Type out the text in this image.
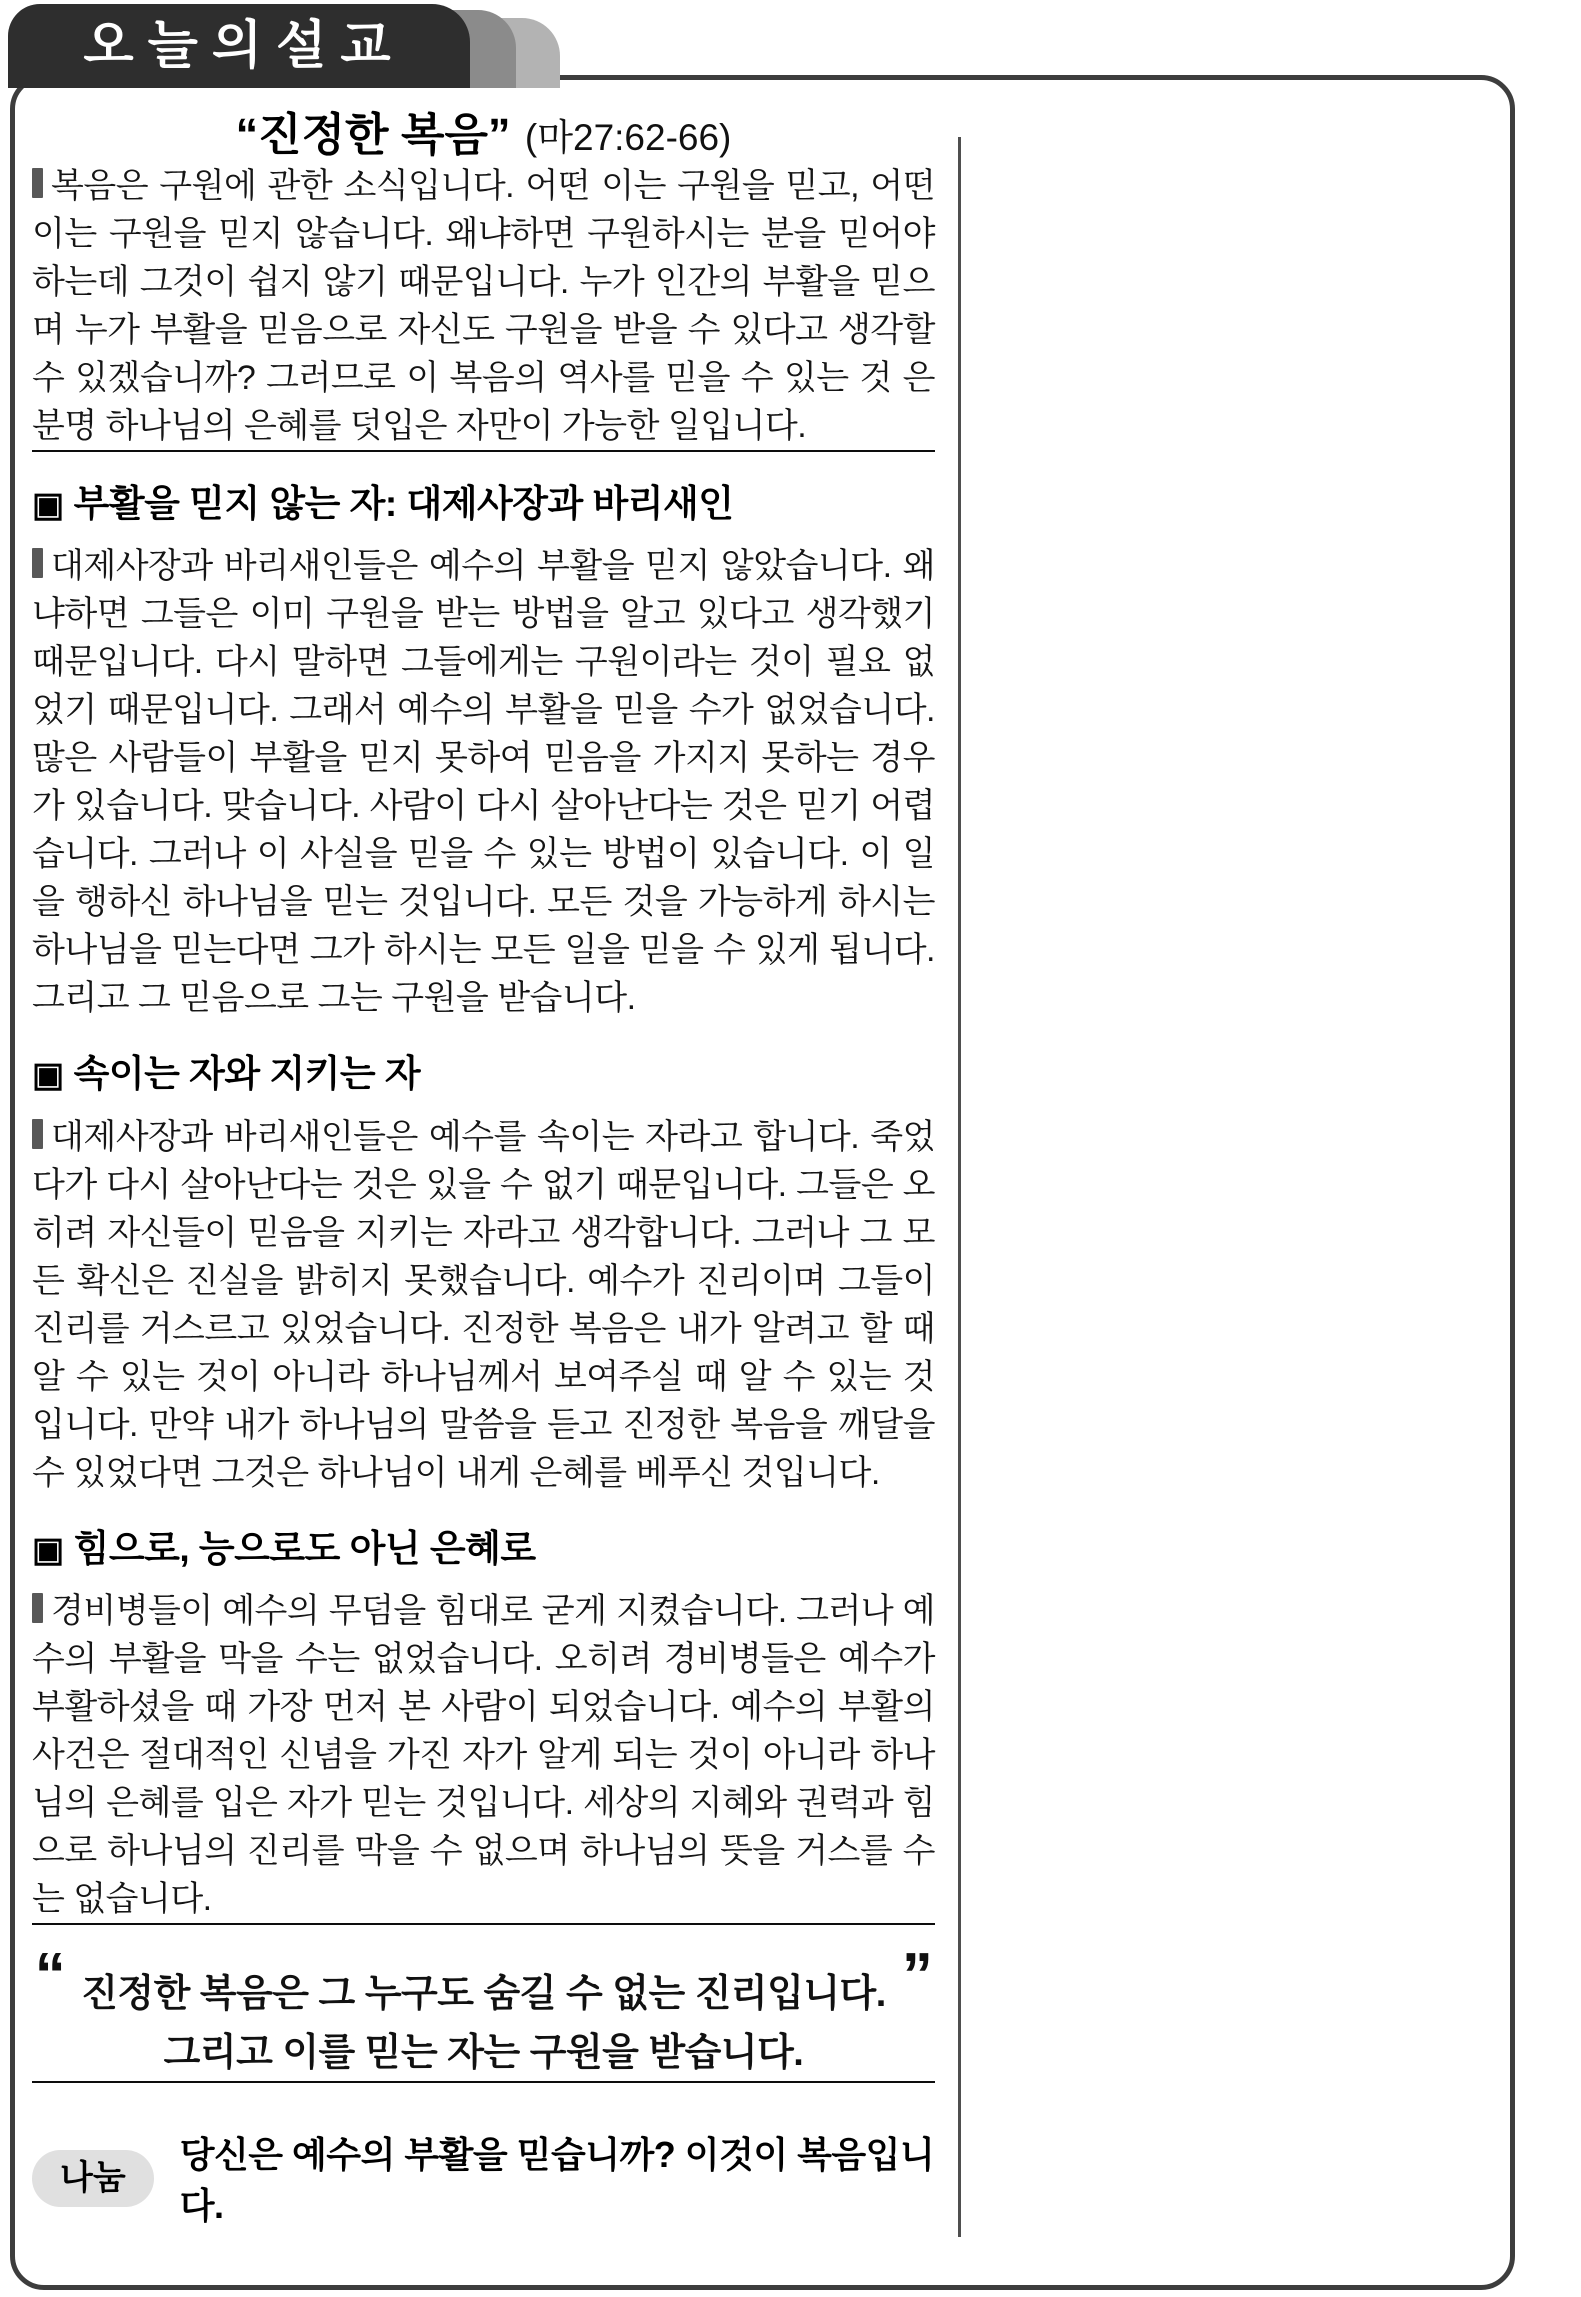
오늘의설교
“진정한 복음” (마27:62-66)

복음은 구원에 관한 소식입니다. 어떤 이는 구원을 믿고, 어떤 이는 구원을 믿지 않습니다. 왜냐하면 구원하시는 분을 믿어야 하는데 그것이 쉽지 않기 때문입니다. 누가 인간의 부활을 믿으며 누가 부활을 믿음으로 자신도 구원을 받을 수 있다고 생각할 수 있겠습니까? 그러므로 이 복음의 역사를 믿을 수 있는 것 은 분명 하나님의 은혜를 덧입은 자만이 가능한 일입니다.

▣ 부활을 믿지 않는 자: 대제사장과 바리새인

대제사장과 바리새인들은 예수의 부활을 믿지 않았습니다. 왜냐하면 그들은 이미 구원을 받는 방법을 알고 있다고 생각했기 때문입니다. 다시 말하면 그들에게는 구원이라는 것이 필요 없었기 때문입니다. 그래서 예수의 부활을 믿을 수가 없었습니다. 많은 사람들이 부활을 믿지 못하여 믿음을 가지지 못하는 경우가 있습니다. 맞습니다. 사람이 다시 살아난다는 것은 믿기 어렵습니다. 그러나 이 사실을 믿을 수 있는 방법이 있습니다. 이 일을 행하신 하나님을 믿는 것입니다. 모든 것을 가능하게 하시는 하나님을 믿는다면 그가 하시는 모든 일을 믿을 수 있게 됩니다. 그리고 그 믿음으로 그는 구원을 받습니다.

▣ 속이는 자와 지키는 자

대제사장과 바리새인들은 예수를 속이는 자라고 합니다. 죽었다가 다시 살아난다는 것은 있을 수 없기 때문입니다. 그들은 오히려 자신들이 믿음을 지키는 자라고 생각합니다. 그러나 그 모든 확신은 진실을 밝히지 못했습니다. 예수가 진리이며 그들이 진리를 거스르고 있었습니다. 진정한 복음은 내가 알려고 할 때 알 수 있는 것이 아니라 하나님께서 보여주실 때 알 수 있는 것입니다. 만약 내가 하나님의 말씀을 듣고 진정한 복음을 깨달을 수 있었다면 그것은 하나님이 내게 은혜를 베푸신 것입니다.

▣ 힘으로, 능으로도 아닌 은혜로

경비병들이 예수의 무덤을 힘대로 굳게 지켰습니다. 그러나 예수의 부활을 막을 수는 없었습니다. 오히려 경비병들은 예수가 부활하셨을 때 가장 먼저 본 사람이 되었습니다. 예수의 부활의 사건은 절대적인 신념을 가진 자가 알게 되는 것이 아니라 하나님의 은혜를 입은 자가 믿는 것입니다. 세상의 지혜와 권력과 힘으로 하나님의 진리를 막을 수 없으며 하나님의 뜻을 거스를 수는 없습니다.

“ 진정한 복음은 그 누구도 숨길 수 없는 진리입니다. ”
그리고 이를 믿는 자는 구원을 받습니다.
나눔
당신은 예수의 부활을 믿습니까? 이것이 복음입니다.
